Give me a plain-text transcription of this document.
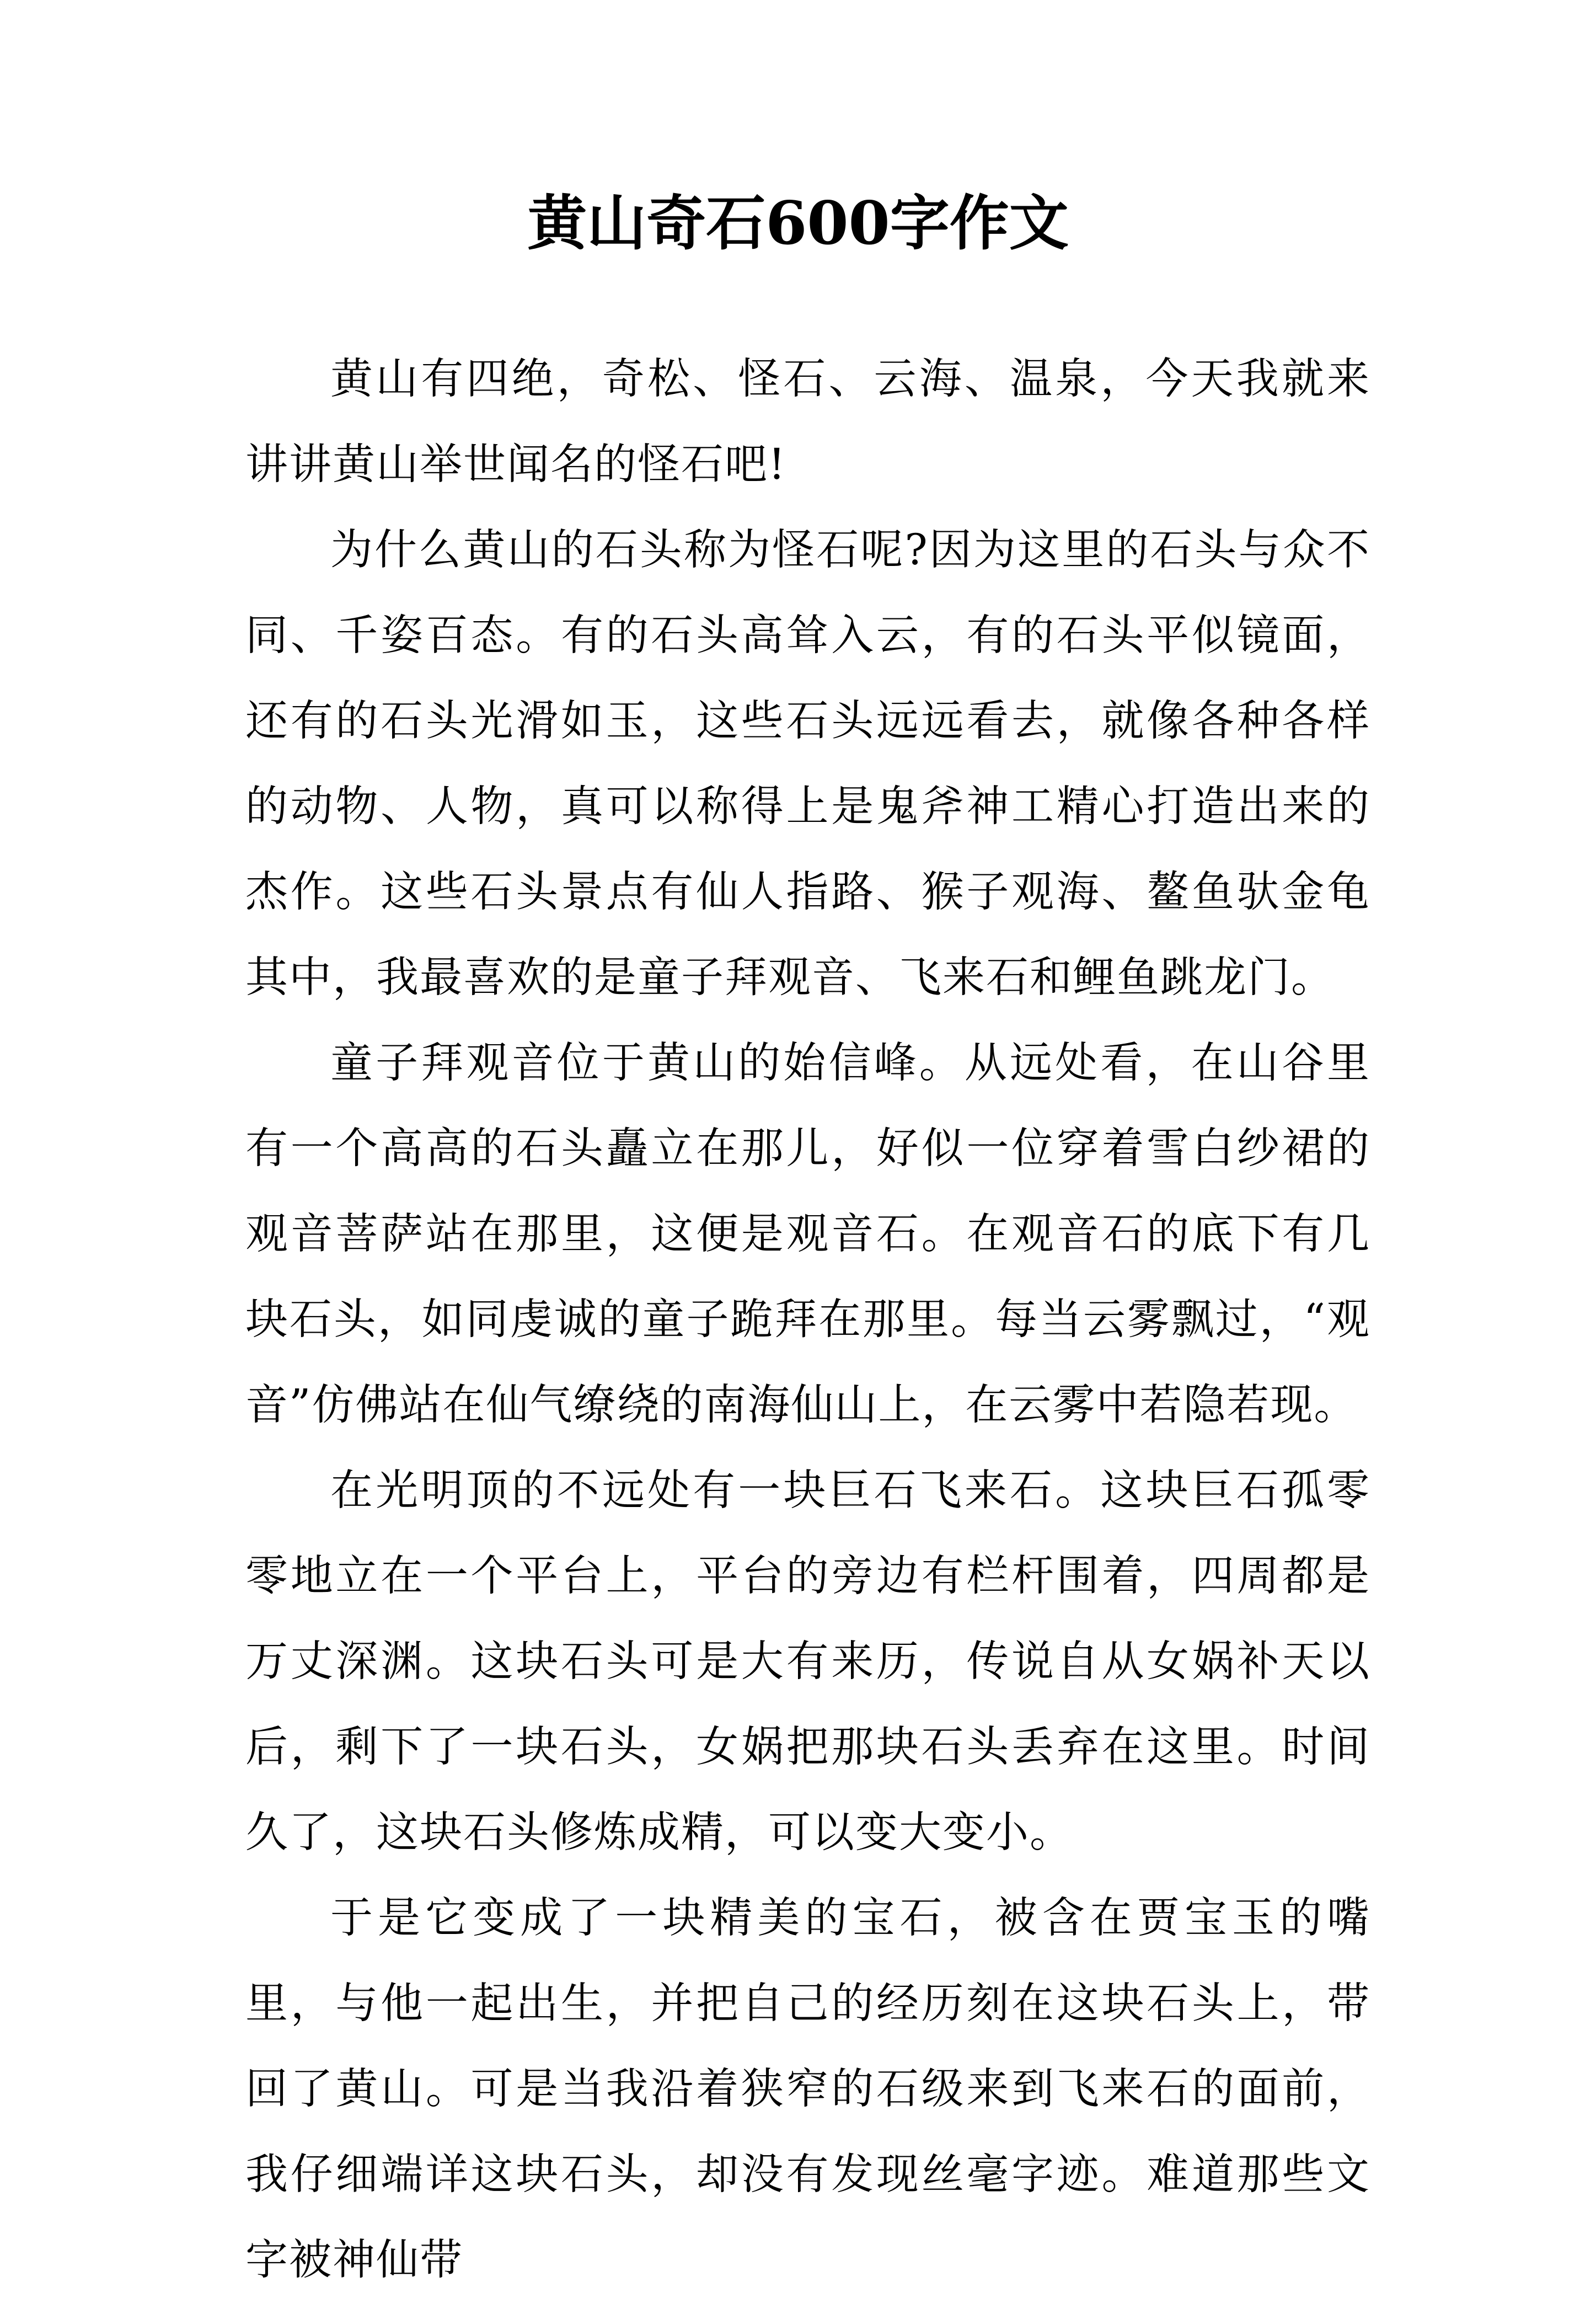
黄山奇石600字作文

黄山有四绝，奇松、怪石、云海、温泉，今天我就来讲讲黄山举世闻名的怪石吧!

为什么黄山的石头称为怪石呢?因为这里的石头与众不同、千姿百态。有的石头高耸入云，有的石头平似镜面，还有的石头光滑如玉，这些石头远远看去，就像各种各样的动物、人物，真可以称得上是鬼斧神工精心打造出来的杰作。这些石头景点有仙人指路、猴子观海、鳌鱼驮金龟其中，我最喜欢的是童子拜观音、飞来石和鲤鱼跳龙门。

童子拜观音位于黄山的始信峰。从远处看，在山谷里有一个高高的石头矗立在那儿，好似一位穿着雪白纱裙的观音菩萨站在那里，这便是观音石。在观音石的底下有几块石头，如同虔诚的童子跪拜在那里。每当云雾飘过，“观音”仿佛站在仙气缭绕的南海仙山上，在云雾中若隐若现。

在光明顶的不远处有一块巨石飞来石。这块巨石孤零零地立在一个平台上，平台的旁边有栏杆围着，四周都是万丈深渊。这块石头可是大有来历，传说自从女娲补天以后，剩下了一块石头，女娲把那块石头丢弃在这里。时间久了，这块石头修炼成精，可以变大变小。

于是它变成了一块精美的宝石，被含在贾宝玉的嘴里，与他一起出生，并把自己的经历刻在这块石头上，带回了黄山。可是当我沿着狭窄的石级来到飞来石的面前，我仔细端详这块石头，却没有发现丝毫字迹。难道那些文字被神仙带
